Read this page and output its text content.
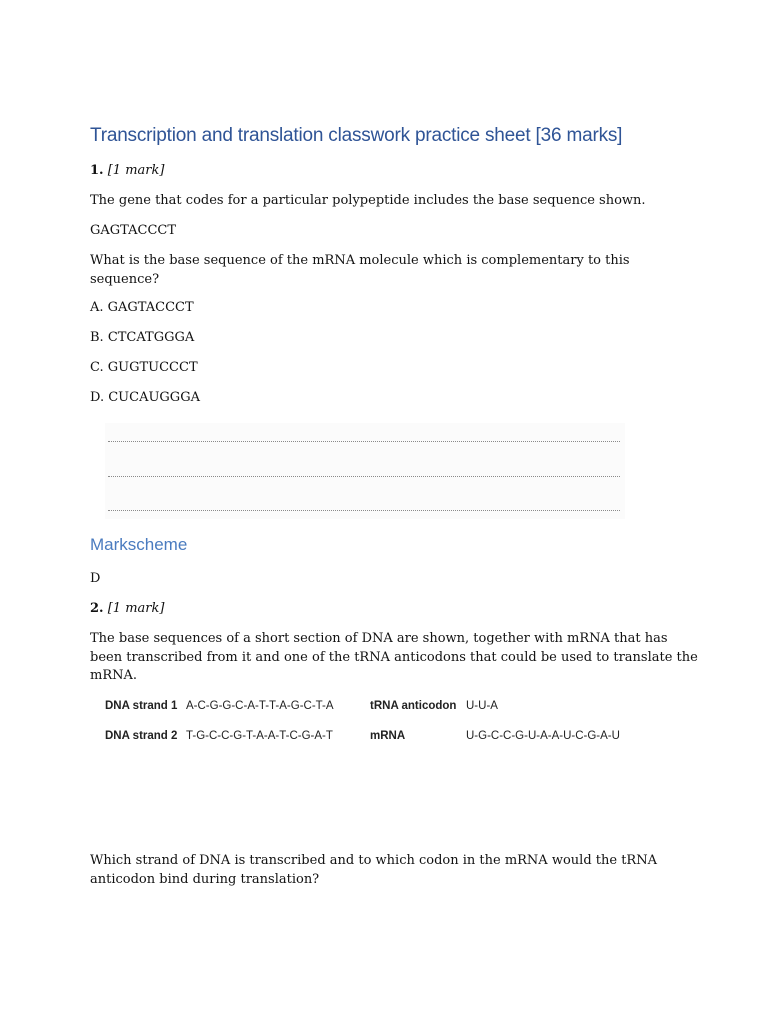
Transcription and translation classwork practice sheet [36 marks]
1. [1 mark]
The gene that codes for a particular polypeptide includes the base sequence shown.
GAGTACCCT
What is the base sequence of the mRNA molecule which is complementary to this
sequence?
A. GAGTACCCT
B. CTCATGGGA
C. GUGTUCCCT
D. CUCAUGGGA
Markscheme
D
2. [1 mark]
The base sequences of a short section of DNA are shown, together with mRNA that has
been transcribed from it and one of the tRNA anticodons that could be used to translate the
mRNA.
DNA strand 1 A-C-G-G-C-A-T-T-A-G-C-T-A	tRNA anticodon U-U-A
DNA strand 2 T-G-C-C-G-T-A-A-T-C-G-A-T	mRNA	U-G-C-C-G-U-A-A-U-C-G-A-U
Which strand of DNA is transcribed and to which codon in the mRNA would the tRNA
anticodon bind during translation?
